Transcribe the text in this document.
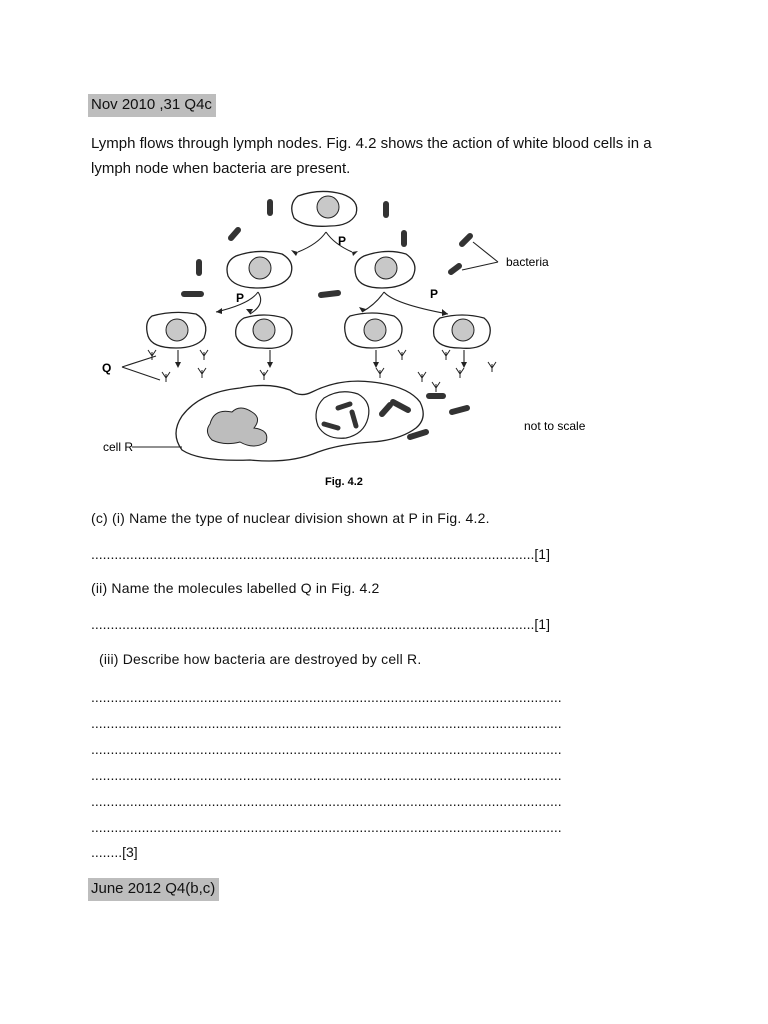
Nov 2010 ,31 Q4c
Lymph flows through lymph nodes. Fig. 4.2 shows the action of white blood cells in a lymph node when bacteria are present.
P
P	P
bacteria
Q
cell R
not to scale
Fig. 4.2
(c) (i) Name the type of nuclear division shown at P in Fig. 4.2.
..................................................................................................................[1]
(ii) Name the molecules labelled Q in Fig. 4.2
..................................................................................................................[1]
(iii) Describe how bacteria are destroyed by cell R.
.........................................................................................................................
.........................................................................................................................
.........................................................................................................................
.........................................................................................................................
.........................................................................................................................
.........................................................................................................................
........[3]
June 2012 Q4(b,c)
